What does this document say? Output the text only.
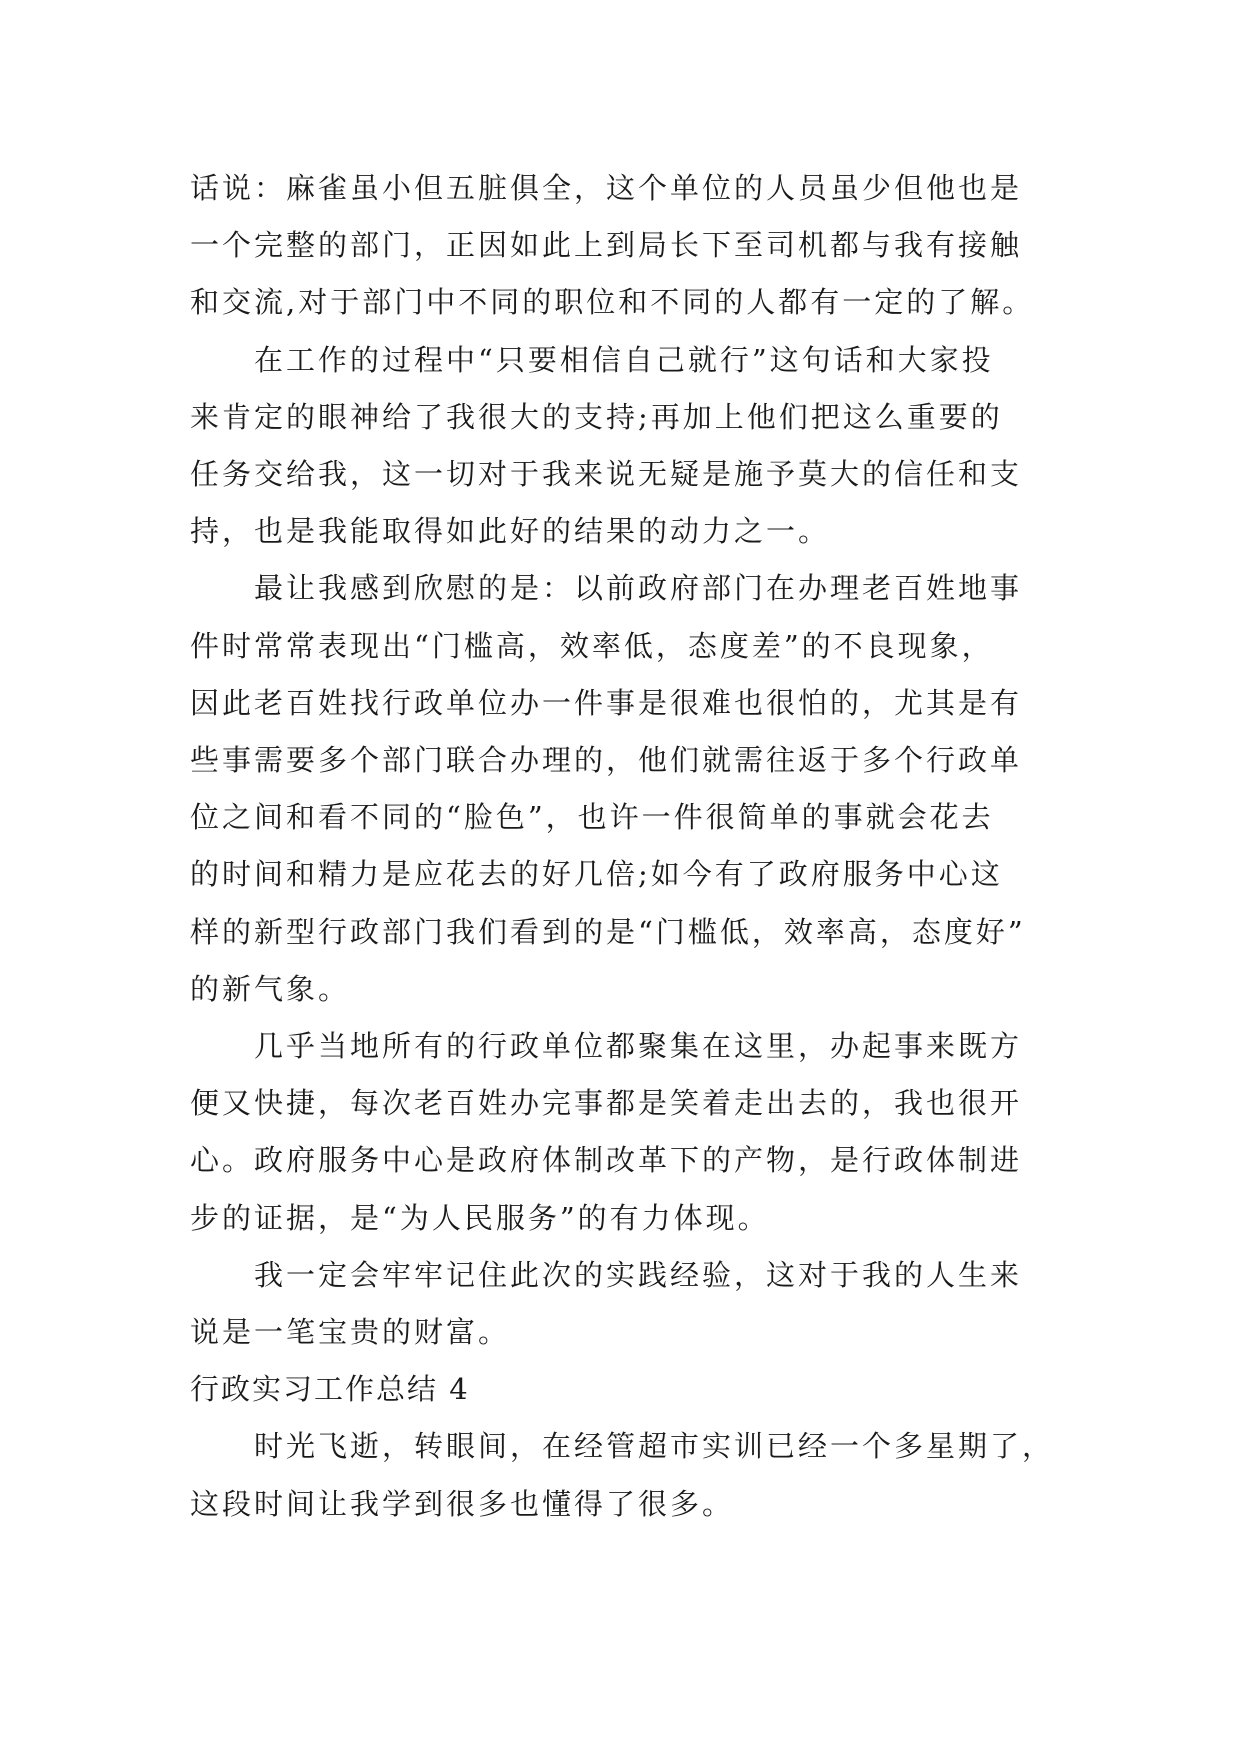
话说：麻雀虽小但五脏俱全，这个单位的人员虽少但他也是

一个完整的部门，正因如此上到局长下至司机都与我有接触

和交流,对于部门中不同的职位和不同的人都有一定的了解。

在工作的过程中“只要相信自己就行”这句话和大家投

来肯定的眼神给了我很大的支持;再加上他们把这么重要的

任务交给我，这一切对于我来说无疑是施予莫大的信任和支

持，也是我能取得如此好的结果的动力之一。

最让我感到欣慰的是：以前政府部门在办理老百姓地事

件时常常表现出“门槛高，效率低，态度差”的不良现象，

因此老百姓找行政单位办一件事是很难也很怕的，尤其是有

些事需要多个部门联合办理的，他们就需往返于多个行政单

位之间和看不同的“脸色”，也许一件很简单的事就会花去

的时间和精力是应花去的好几倍;如今有了政府服务中心这

样的新型行政部门我们看到的是“门槛低，效率高，态度好”

的新气象。

几乎当地所有的行政单位都聚集在这里，办起事来既方

便又快捷，每次老百姓办完事都是笑着走出去的，我也很开

心。政府服务中心是政府体制改革下的产物，是行政体制进

步的证据，是“为人民服务”的有力体现。

我一定会牢牢记住此次的实践经验，这对于我的人生来

说是一笔宝贵的财富。

行政实习工作总结 4

时光飞逝，转眼间，在经管超市实训已经一个多星期了，

这段时间让我学到很多也懂得了很多。
